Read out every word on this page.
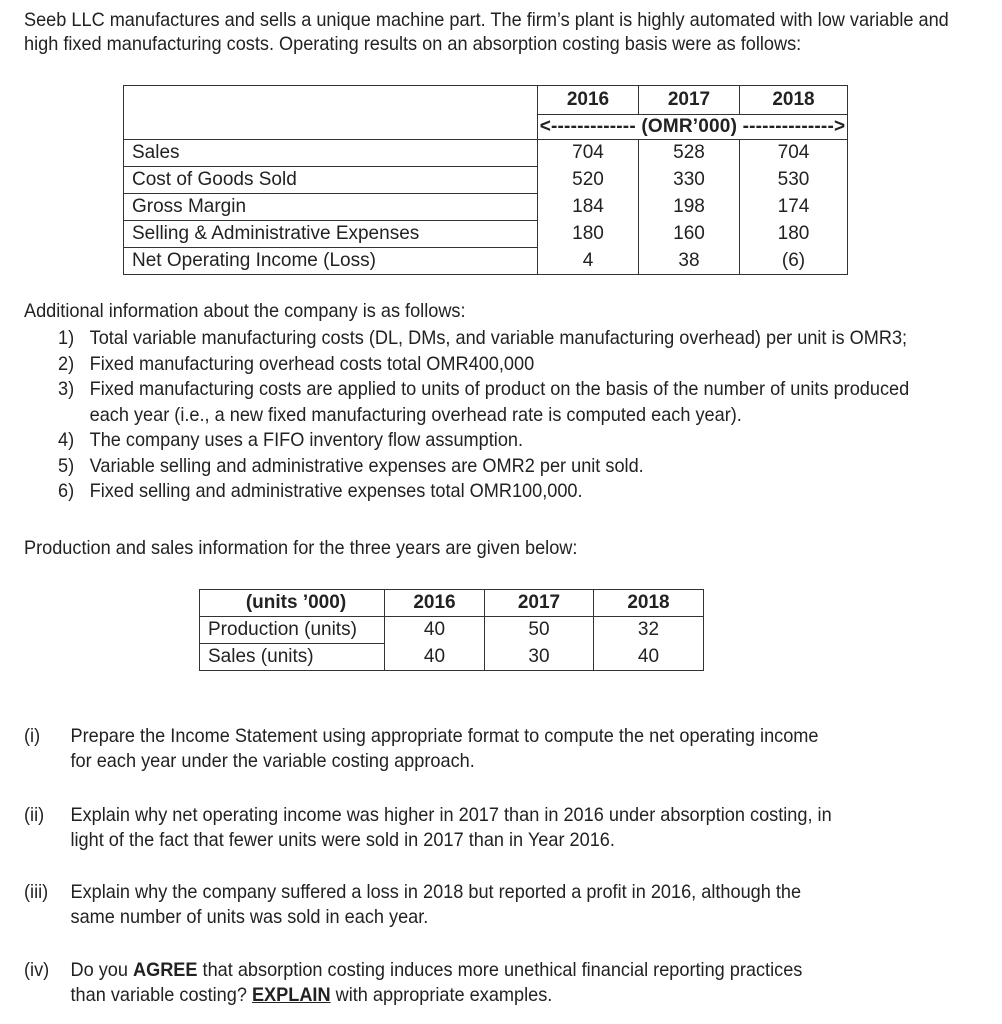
Seeb LLC manufactures and sells a unique machine part. The firm’s plant is highly automated with low variable and
high fixed manufacturing costs. Operating results on an absorption costing basis were as follows:
	2016	2017	2018
	<------------- (OMR’000) -------------->		
Sales	704	528	704
Cost of Goods Sold	520	330	530
Gross Margin	184	198	174
Selling & Administrative Expenses	180	160	180
Net Operating Income (Loss)	4	38	(6)
Additional information about the company is as follows:
1) Total variable manufacturing costs (DL, DMs, and variable manufacturing overhead) per unit is OMR3;
2) Fixed manufacturing overhead costs total OMR400,000
3) Fixed manufacturing costs are applied to units of product on the basis of the number of units produced
each year (i.e., a new fixed manufacturing overhead rate is computed each year).
4) The company uses a FIFO inventory flow assumption.
5) Variable selling and administrative expenses are OMR2 per unit sold.
6) Fixed selling and administrative expenses total OMR100,000.
Production and sales information for the three years are given below:
(units ’000)	2016	2017	2018
Production (units)	40	50	32
Sales (units)	40	30	40
(i)	Prepare the Income Statement using appropriate format to compute the net operating income
for each year under the variable costing approach.
(ii)	Explain why net operating income was higher in 2017 than in 2016 under absorption costing, in
light of the fact that fewer units were sold in 2017 than in Year 2016.
(iii)	Explain why the company suffered a loss in 2018 but reported a profit in 2016, although the
same number of units was sold in each year.
(iv)	Do you AGREE that absorption costing induces more unethical financial reporting practices
than variable costing? EXPLAIN with appropriate examples.
